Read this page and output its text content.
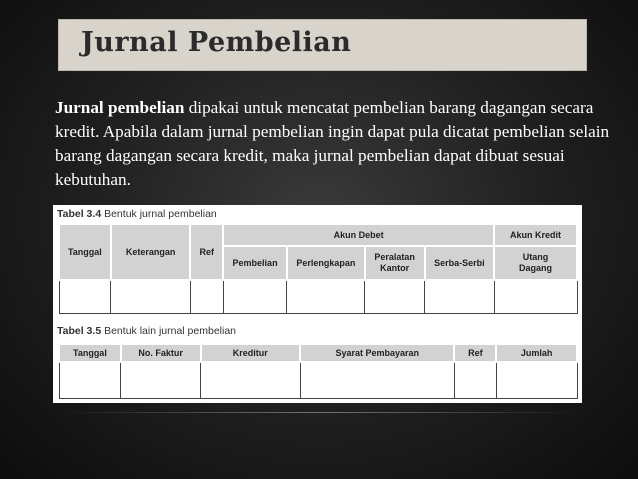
Jurnal Pembelian
Jurnal pembelian dipakai untuk mencatat pembelian barang dagangan secara kredit. Apabila dalam jurnal pembelian ingin dapat pula dicatat pembelian selain barang dagangan secara kredit, maka jurnal pembelian dapat dibuat sesuai kebutuhan.
Tabel 3.4 Bentuk jurnal pembelian
Tanggal	Keterangan	Ref	Akun Debet				Akun Kredit
			Pembelian	Perlengkapan	Peralatan Kantor	Serba-Serbi	Utang Dagang

Tabel 3.5 Bentuk lain jurnal pembelian
Tanggal	No. Faktur	Kreditur	Syarat Pembayaran	Ref	Jumlah
